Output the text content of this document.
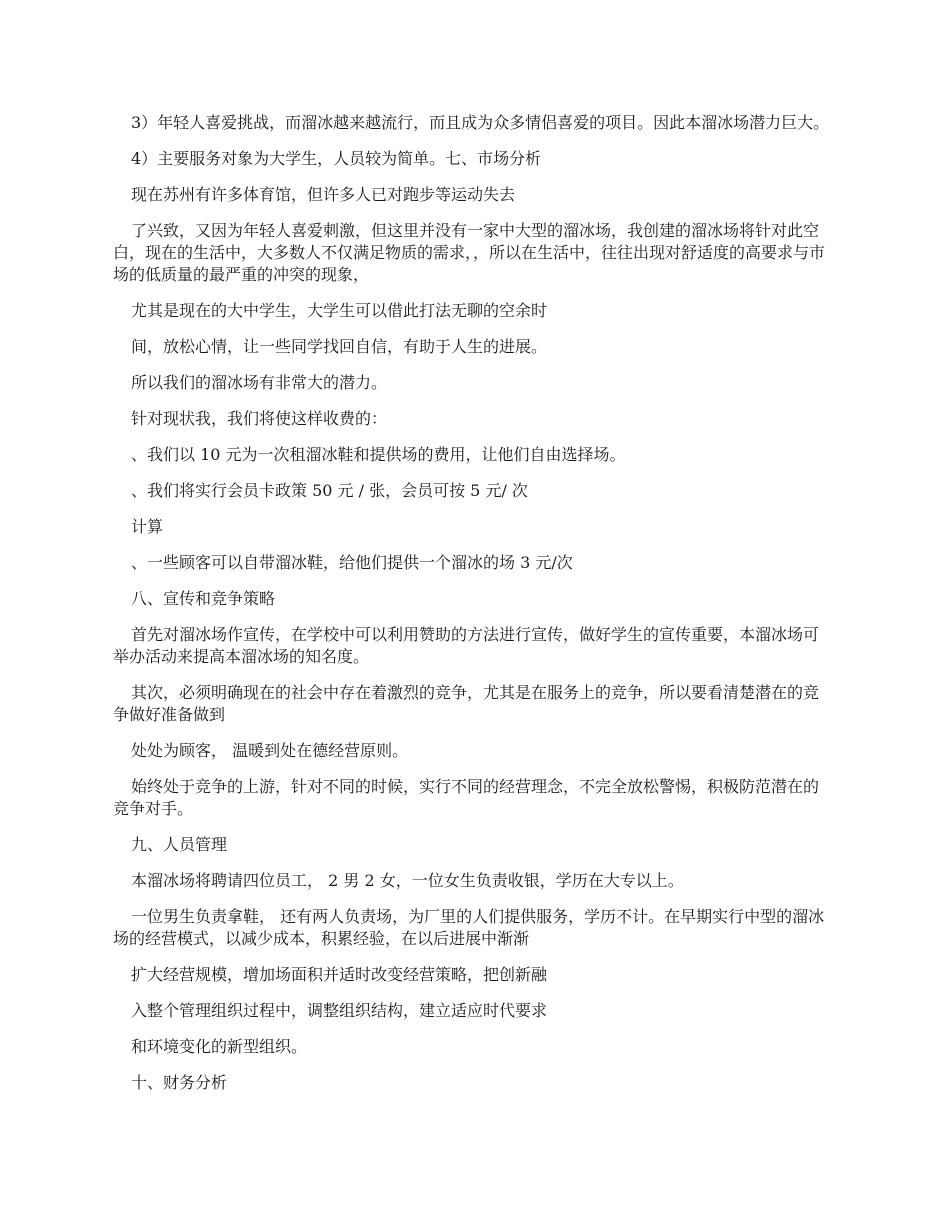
3）年轻人喜爱挑战，而溜冰越来越流行，而且成为众多情侣喜爱的项目。因此本溜冰场潜力巨大。

4）主要服务对象为大学生，人员较为简单。七、市场分析

现在苏州有许多体育馆，但许多人已对跑步等运动失去

了兴致，又因为年轻人喜爱刺激，但这里并没有一家中大型的溜冰场，我创建的溜冰场将针对此空白，现在的生活中，大多数人不仅满足物质的需求，，所以在生活中，往往出现对舒适度的高要求与市场的低质量的最严重的冲突的现象，

尤其是现在的大中学生，大学生可以借此打法无聊的空余时

间，放松心情，让一些同学找回自信，有助于人生的进展。

所以我们的溜冰场有非常大的潜力。

针对现状我，我们将使这样收费的：

、我们以 10 元为一次租溜冰鞋和提供场的费用，让他们自由选择场。

、我们将实行会员卡政策 50 元 / 张，会员可按 5 元/ 次

计算

、一些顾客可以自带溜冰鞋，给他们提供一个溜冰的场 3 元/次

八、宣传和竞争策略

首先对溜冰场作宣传，在学校中可以利用赞助的方法进行宣传，做好学生的宣传重要，本溜冰场可举办活动来提高本溜冰场的知名度。

其次，必须明确现在的社会中存在着激烈的竞争，尤其是在服务上的竞争，所以要看清楚潜在的竞争做好准备做到

处处为顾客， 温暖到处在德经营原则。

始终处于竞争的上游，针对不同的时候，实行不同的经营理念，不完全放松警惕，积极防范潜在的竞争对手。

九、人员管理

本溜冰场将聘请四位员工， 2 男 2 女，一位女生负责收银，学历在大专以上。

一位男生负责拿鞋， 还有两人负责场，为厂里的人们提供服务，学历不计。在早期实行中型的溜冰场的经营模式，以减少成本，积累经验，在以后进展中渐渐

扩大经营规模，增加场面积并适时改变经营策略，把创新融

入整个管理组织过程中，调整组织结构，建立适应时代要求

和环境变化的新型组织。

十、财务分析
